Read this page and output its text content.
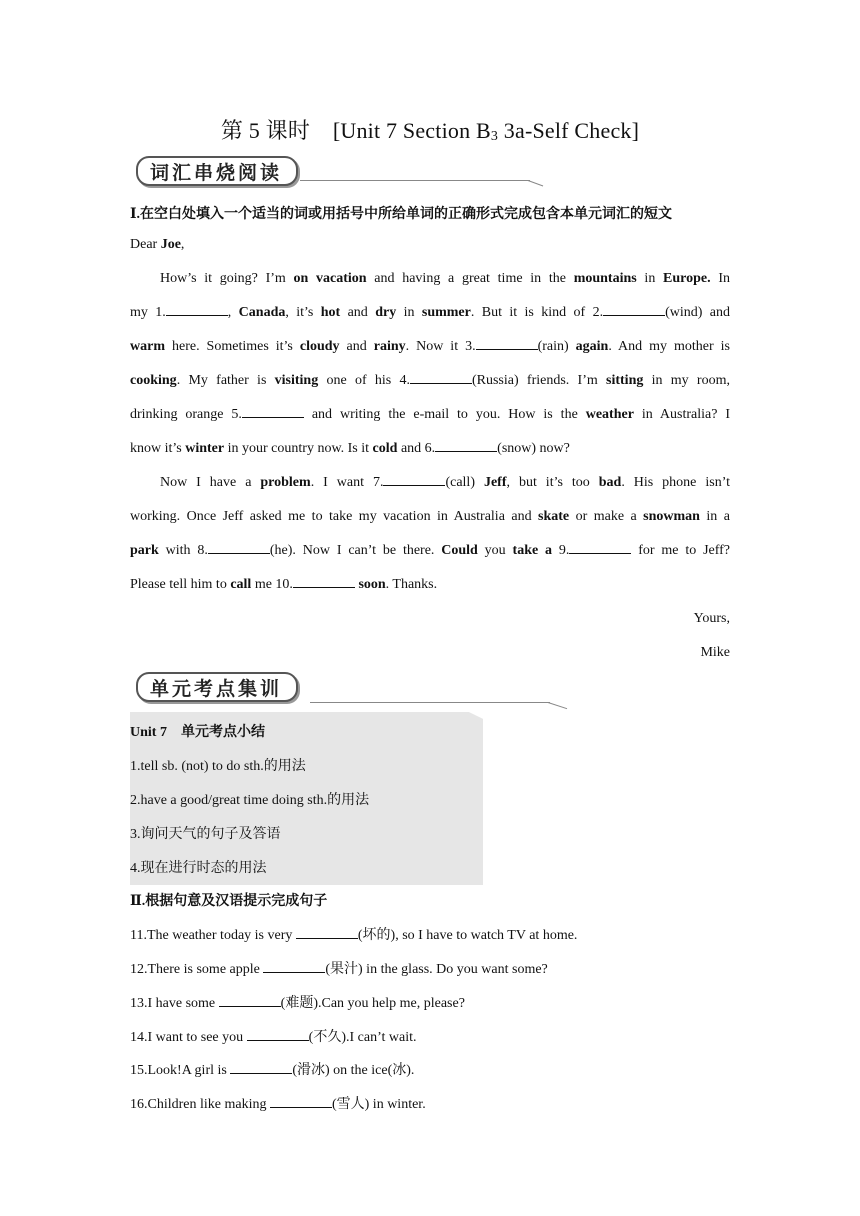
第 5 课时 [Unit 7 Section $B_3$ 3a-Self Check]
词汇串烧阅读
Ⅰ.在空白处填入一个适当的词或用括号中所给单词的正确形式完成包含本单元词汇的短文
Dear Joe,
How’s it going? I’m on vacation and having a great time in the mountains in Europe. In
my 1.	, Canada, it’s hot and dry in summer. But it is kind of 2.	(wind) and
warm here. Sometimes it’s cloudy and rainy. Now it 3.	(rain) again. And my mother is
cooking. My father is visiting one of his 4.	(Russia) friends. I’m sitting in my room,
drinking orange 5.	and writing the e-mail to you. How is the weather in Australia? I
know it’s winter in your country now. Is it cold and 6.	(snow) now?
Now I have a problem. I want 7.	(call) Jeff, but it’s too bad. His phone isn’t
working. Once Jeff asked me to take my vacation in Australia and skate or make a snowman in a
park with 8.	(he). Now I can’t be there. Could you take a 9.	for me to Jeff?
Please tell him to call me 10.	soon. Thanks.
Yours,
Mike
单元考点集训
Unit 7　单元考点小结
1.tell sb. (not) to do sth.的用法
2.have a good/great time doing sth.的用法
3.询问天气的句子及答语
4.现在进行时态的用法
Ⅱ.根据句意及汉语提示完成句子
11.The weather today is very	(坏的), so I have to watch TV at home.
12.There is some apple	(果汁) in the glass. Do you want some?
13.I have some	(难题).Can you help me, please?
14.I want to see you	(不久).I can’t wait.
15.Look!A girl is	(滑冰) on the ice(冰).
16.Children like making	(雪人) in winter.
